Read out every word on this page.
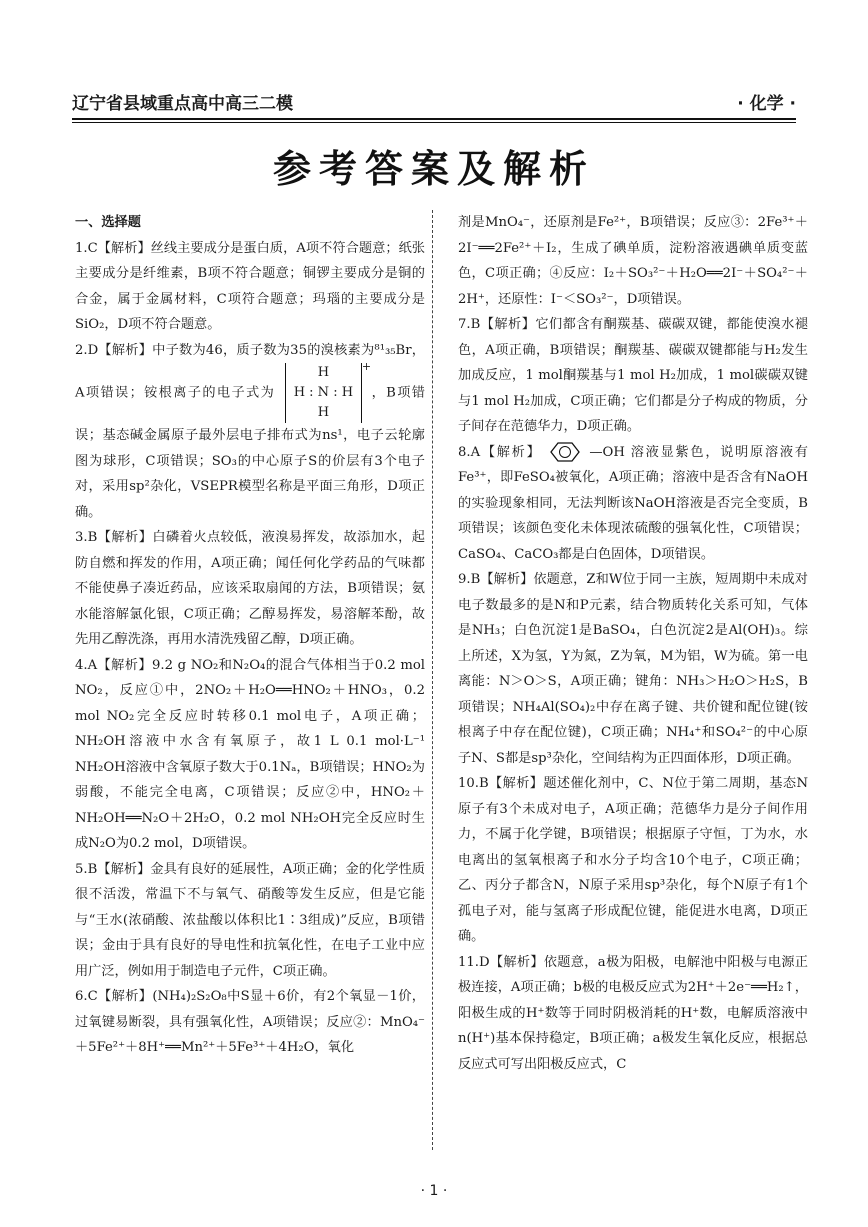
辽宁省县域重点高中高三二模	· 化学 ·
参考答案及解析

一、选择题

1.C【解析】丝线主要成分是蛋白质，A项不符合题意；纸张主要成分是纤维素，B项不符合题意；铜锣主要成分是铜的合金，属于金属材料，C项符合题意；玛瑙的主要成分是SiO₂，D项不符合题意。

2.D【解析】中子数为46，质子数为35的溴核素为⁸¹₃₅Br，A项错误；铵根离子的电子式为
H
H : N : H
H
+
，B项错误；基态碱金属原子最外层电子排布式为ns¹，电子云轮廓图为球形，C项错误；SO₃的中心原子S的价层有3个电子对，采用sp²杂化，VSEPR模型名称是平面三角形，D项正确。

3.B【解析】白磷着火点较低，液溴易挥发，故添加水，起防自燃和挥发的作用，A项正确；闻任何化学药品的气味都不能使鼻子凑近药品，应该采取扇闻的方法，B项错误；氨水能溶解氯化银，C项正确；乙醇易挥发，易溶解苯酚，故先用乙醇洗涤，再用水清洗残留乙醇，D项正确。

4.A【解析】9.2 g NO₂和N₂O₄的混合气体相当于0.2 mol NO₂，反应①中，2NO₂＋H₂O══HNO₂＋HNO₃，0.2 mol NO₂完全反应时转移0.1 mol电子，A项正确；NH₂OH溶液中水含有氧原子，故1 L 0.1 mol·L⁻¹ NH₂OH溶液中含氧原子数大于0.1Nₐ，B项错误；HNO₂为弱酸，不能完全电离，C项错误；反应②中，HNO₂＋NH₂OH══N₂O＋2H₂O，0.2 mol NH₂OH完全反应时生成N₂O为0.2 mol，D项错误。

5.B【解析】金具有良好的延展性，A项正确；金的化学性质很不活泼，常温下不与氧气、硝酸等发生反应，但是它能与“王水(浓硝酸、浓盐酸以体积比1∶3组成)”反应，B项错误；金由于具有良好的导电性和抗氧化性，在电子工业中应用广泛，例如用于制造电子元件，C项正确。

6.C【解析】(NH₄)₂S₂O₈中S显＋6价，有2个氧显－1价，过氧键易断裂，具有强氧化性，A项错误；反应②：MnO₄⁻＋5Fe²⁺＋8H⁺══Mn²⁺＋5Fe³⁺＋4H₂O，氧化

剂是MnO₄⁻，还原剂是Fe²⁺，B项错误；反应③：2Fe³⁺＋2I⁻══2Fe²⁺＋I₂，生成了碘单质，淀粉溶液遇碘单质变蓝色，C项正确；④反应：I₂＋SO₃²⁻＋H₂O══2I⁻＋SO₄²⁻＋2H⁺，还原性：I⁻＜SO₃²⁻，D项错误。

7.B【解析】它们都含有酮羰基、碳碳双键，都能使溴水褪色，A项正确，B项错误；酮羰基、碳碳双键都能与H₂发生加成反应，1 mol酮羰基与1 mol H₂加成，1 mol碳碳双键与1 mol H₂加成，C项正确；它们都是分子构成的物质，分子间存在范德华力，D项正确。

8.A【解析】	—OH 溶液显紫色，说明原溶液有Fe³⁺，即FeSO₄被氧化，A项正确；溶液中是否含有NaOH的实验现象相同，无法判断该NaOH溶液是否完全变质，B项错误；该颜色变化未体现浓硫酸的强氧化性，C项错误；CaSO₄、CaCO₃都是白色固体，D项错误。

9.B【解析】依题意，Z和W位于同一主族，短周期中未成对电子数最多的是N和P元素，结合物质转化关系可知，气体是NH₃；白色沉淀1是BaSO₄，白色沉淀2是Al(OH)₃。综上所述，X为氢，Y为氮，Z为氧，M为铝，W为硫。第一电离能：N＞O＞S，A项正确；键角：NH₃＞H₂O＞H₂S，B项错误；NH₄Al(SO₄)₂中存在离子键、共价键和配位键(铵根离子中存在配位键)，C项正确；NH₄⁺和SO₄²⁻的中心原子N、S都是sp³杂化，空间结构为正四面体形，D项正确。

10.B【解析】题述催化剂中，C、N位于第二周期，基态N原子有3个未成对电子，A项正确；范德华力是分子间作用力，不属于化学键，B项错误；根据原子守恒，丁为水，水电离出的氢氧根离子和水分子均含10个电子，C项正确；乙、丙分子都含N，N原子采用sp³杂化，每个N原子有1个孤电子对，能与氢离子形成配位键，能促进水电离，D项正确。

11.D【解析】依题意，a极为阳极，电解池中阳极与电源正极连接，A项正确；b极的电极反应式为2H⁺＋2e⁻══H₂↑，阳极生成的H⁺数等于同时阴极消耗的H⁺数，电解质溶液中n(H⁺)基本保持稳定，B项正确；a极发生氧化反应，根据总反应式可写出阳极反应式，C

· 1 ·
